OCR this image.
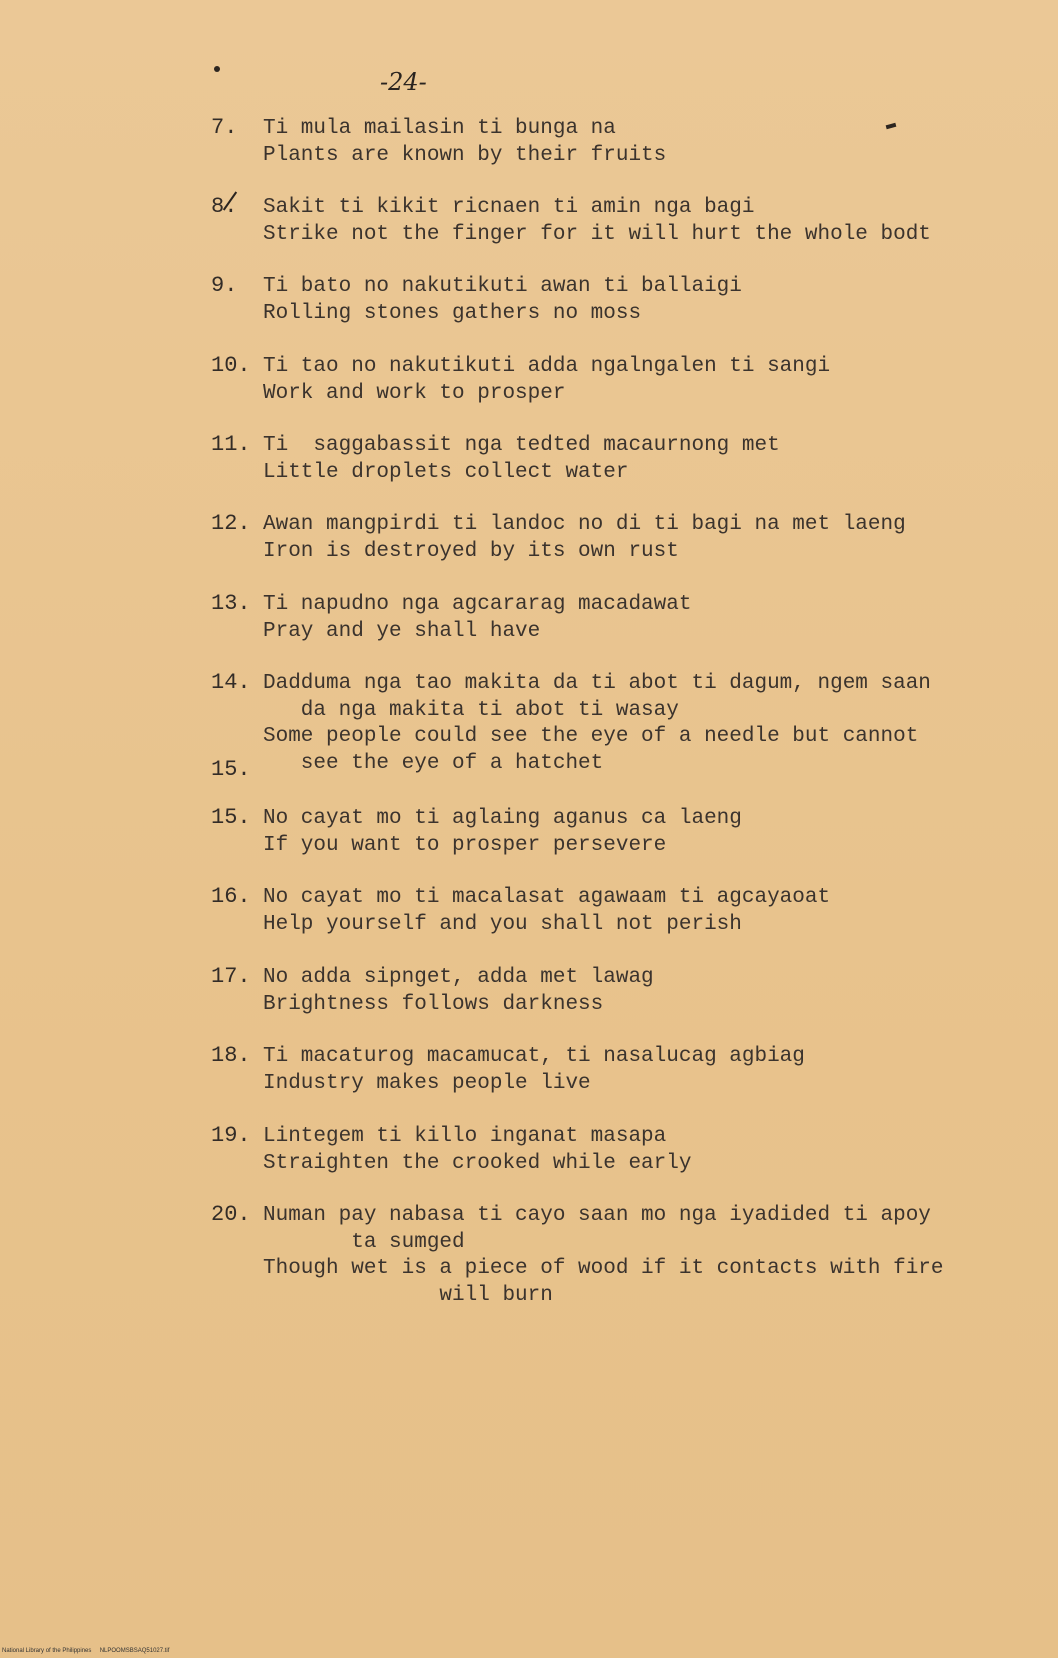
-24-
7. Ti mula mailasin ti bunga na
Plants are known by their fruits
8. Sakit ti kikit ricnaen ti amin nga bagi
Strike not the finger for it will hurt the whole bodt
9. Ti bato no nakutikuti awan ti ballaigi
Rolling stones gathers no moss
10. Ti tao no nakutikuti adda ngalngalen ti sangi
Work and work to prosper
11. Ti  saggabassit nga tedted macaurnong met
Little droplets collect water
12. Awan mangpirdi ti landoc no di ti bagi na met laeng
Iron is destroyed by its own rust
13. Ti napudno nga agcararag macadawat
Pray and ye shall have
14. Dadduma nga tao makita da ti abot ti dagum, ngem saan
da nga makita ti abot ti wasay
Some people could see the eye of a needle but cannot
see the eye of a hatchet
15. No cayat mo ti aglaing aganus ca laeng
If you want to prosper persevere
16. No cayat mo ti macalasat agawaam ti agcayaoat
Help yourself and you shall not perish
17. No adda sipnget, adda met lawag
Brightness follows darkness
18. Ti macaturog macamucat, ti nasalucag agbiag
Industry makes people live
19. Lintegem ti killo inganat masapa
Straighten the crooked while early
20. Numan pay nabasa ti cayo saan mo nga iyadided ti apoy
ta sumged
Though wet is a piece of wood if it contacts with fire
will burn
15.
National Library of the Philippines     NLPOOMSBSAQ51027.tif
